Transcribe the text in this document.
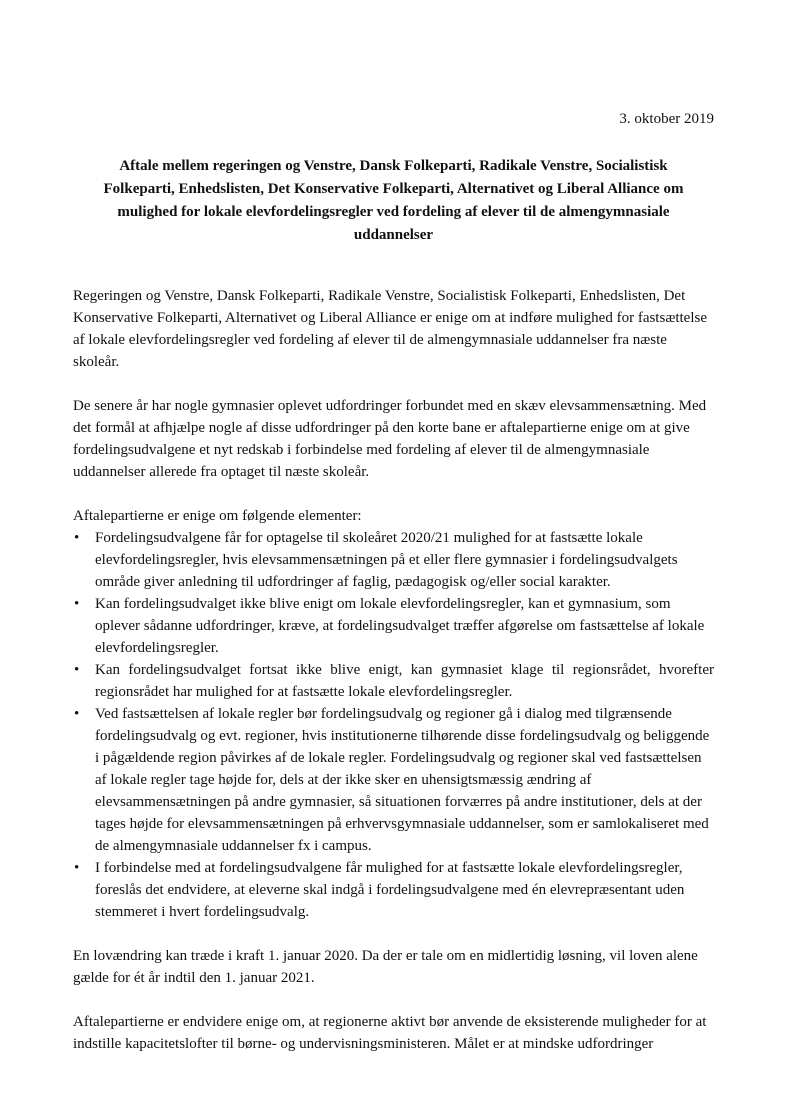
3. oktober 2019
Aftale mellem regeringen og Venstre, Dansk Folkeparti, Radikale Venstre, Socialistisk Folkeparti, Enhedslisten, Det Konservative Folkeparti, Alternativet og Liberal Alliance om mulighed for lokale elevfordelingsregler ved fordeling af elever til de almengymnasiale uddannelser

Regeringen og Venstre, Dansk Folkeparti, Radikale Venstre, Socialistisk Folkeparti, Enhedslisten, Det Konservative Folkeparti, Alternativet og Liberal Alliance er enige om at indføre mulighed for fastsættelse af lokale elevfordelingsregler ved fordeling af elever til de almengymnasiale uddannelser fra næste skoleår.

De senere år har nogle gymnasier oplevet udfordringer forbundet med en skæv elevsammensætning. Med det formål at afhjælpe nogle af disse udfordringer på den korte bane er aftalepartierne enige om at give fordelingsudvalgene et nyt redskab i forbindelse med fordeling af elever til de almengymnasiale uddannelser allerede fra optaget til næste skoleår.

Aftalepartierne er enige om følgende elementer:

• Fordelingsudvalgene får for optagelse til skoleåret 2020/21 mulighed for at fastsætte lokale elevfordelingsregler, hvis elevsammensætningen på et eller flere gymnasier i fordelingsudvalgets område giver anledning til udfordringer af faglig, pædagogisk og/eller social karakter.
• Kan fordelingsudvalget ikke blive enigt om lokale elevfordelingsregler, kan et gymnasium, som oplever sådanne udfordringer, kræve, at fordelingsudvalget træffer afgørelse om fastsættelse af lokale elevfordelingsregler.
• Kan fordelingsudvalget fortsat ikke blive enigt, kan gymnasiet klage til regionsrådet, hvorefter regionsrådet har mulighed for at fastsætte lokale elevfordelingsregler.
• Ved fastsættelsen af lokale regler bør fordelingsudvalg og regioner gå i dialog med tilgrænsende fordelingsudvalg og evt. regioner, hvis institutionerne tilhørende disse fordelingsudvalg og beliggende i pågældende region påvirkes af de lokale regler. Fordelingsudvalg og regioner skal ved fastsættelsen af lokale regler tage højde for, dels at der ikke sker en uhensigtsmæssig ændring af elevsammensætningen på andre gymnasier, så situationen forværres på andre institutioner, dels at der tages højde for elevsammensætningen på erhvervsgymnasiale uddannelser, som er samlokaliseret med de almengymnasiale uddannelser fx i campus.
• I forbindelse med at fordelingsudvalgene får mulighed for at fastsætte lokale elevfordelingsregler, foreslås det endvidere, at eleverne skal indgå i fordelingsudvalgene med én elevrepræsentant uden stemmeret i hvert fordelingsudvalg.

En lovændring kan træde i kraft 1. januar 2020. Da der er tale om en midlertidig løsning, vil loven alene gælde for ét år indtil den 1. januar 2021.

Aftalepartierne er endvidere enige om, at regionerne aktivt bør anvende de eksisterende muligheder for at indstille kapacitetslofter til børne- og undervisningsministeren. Målet er at mindske udfordringer
